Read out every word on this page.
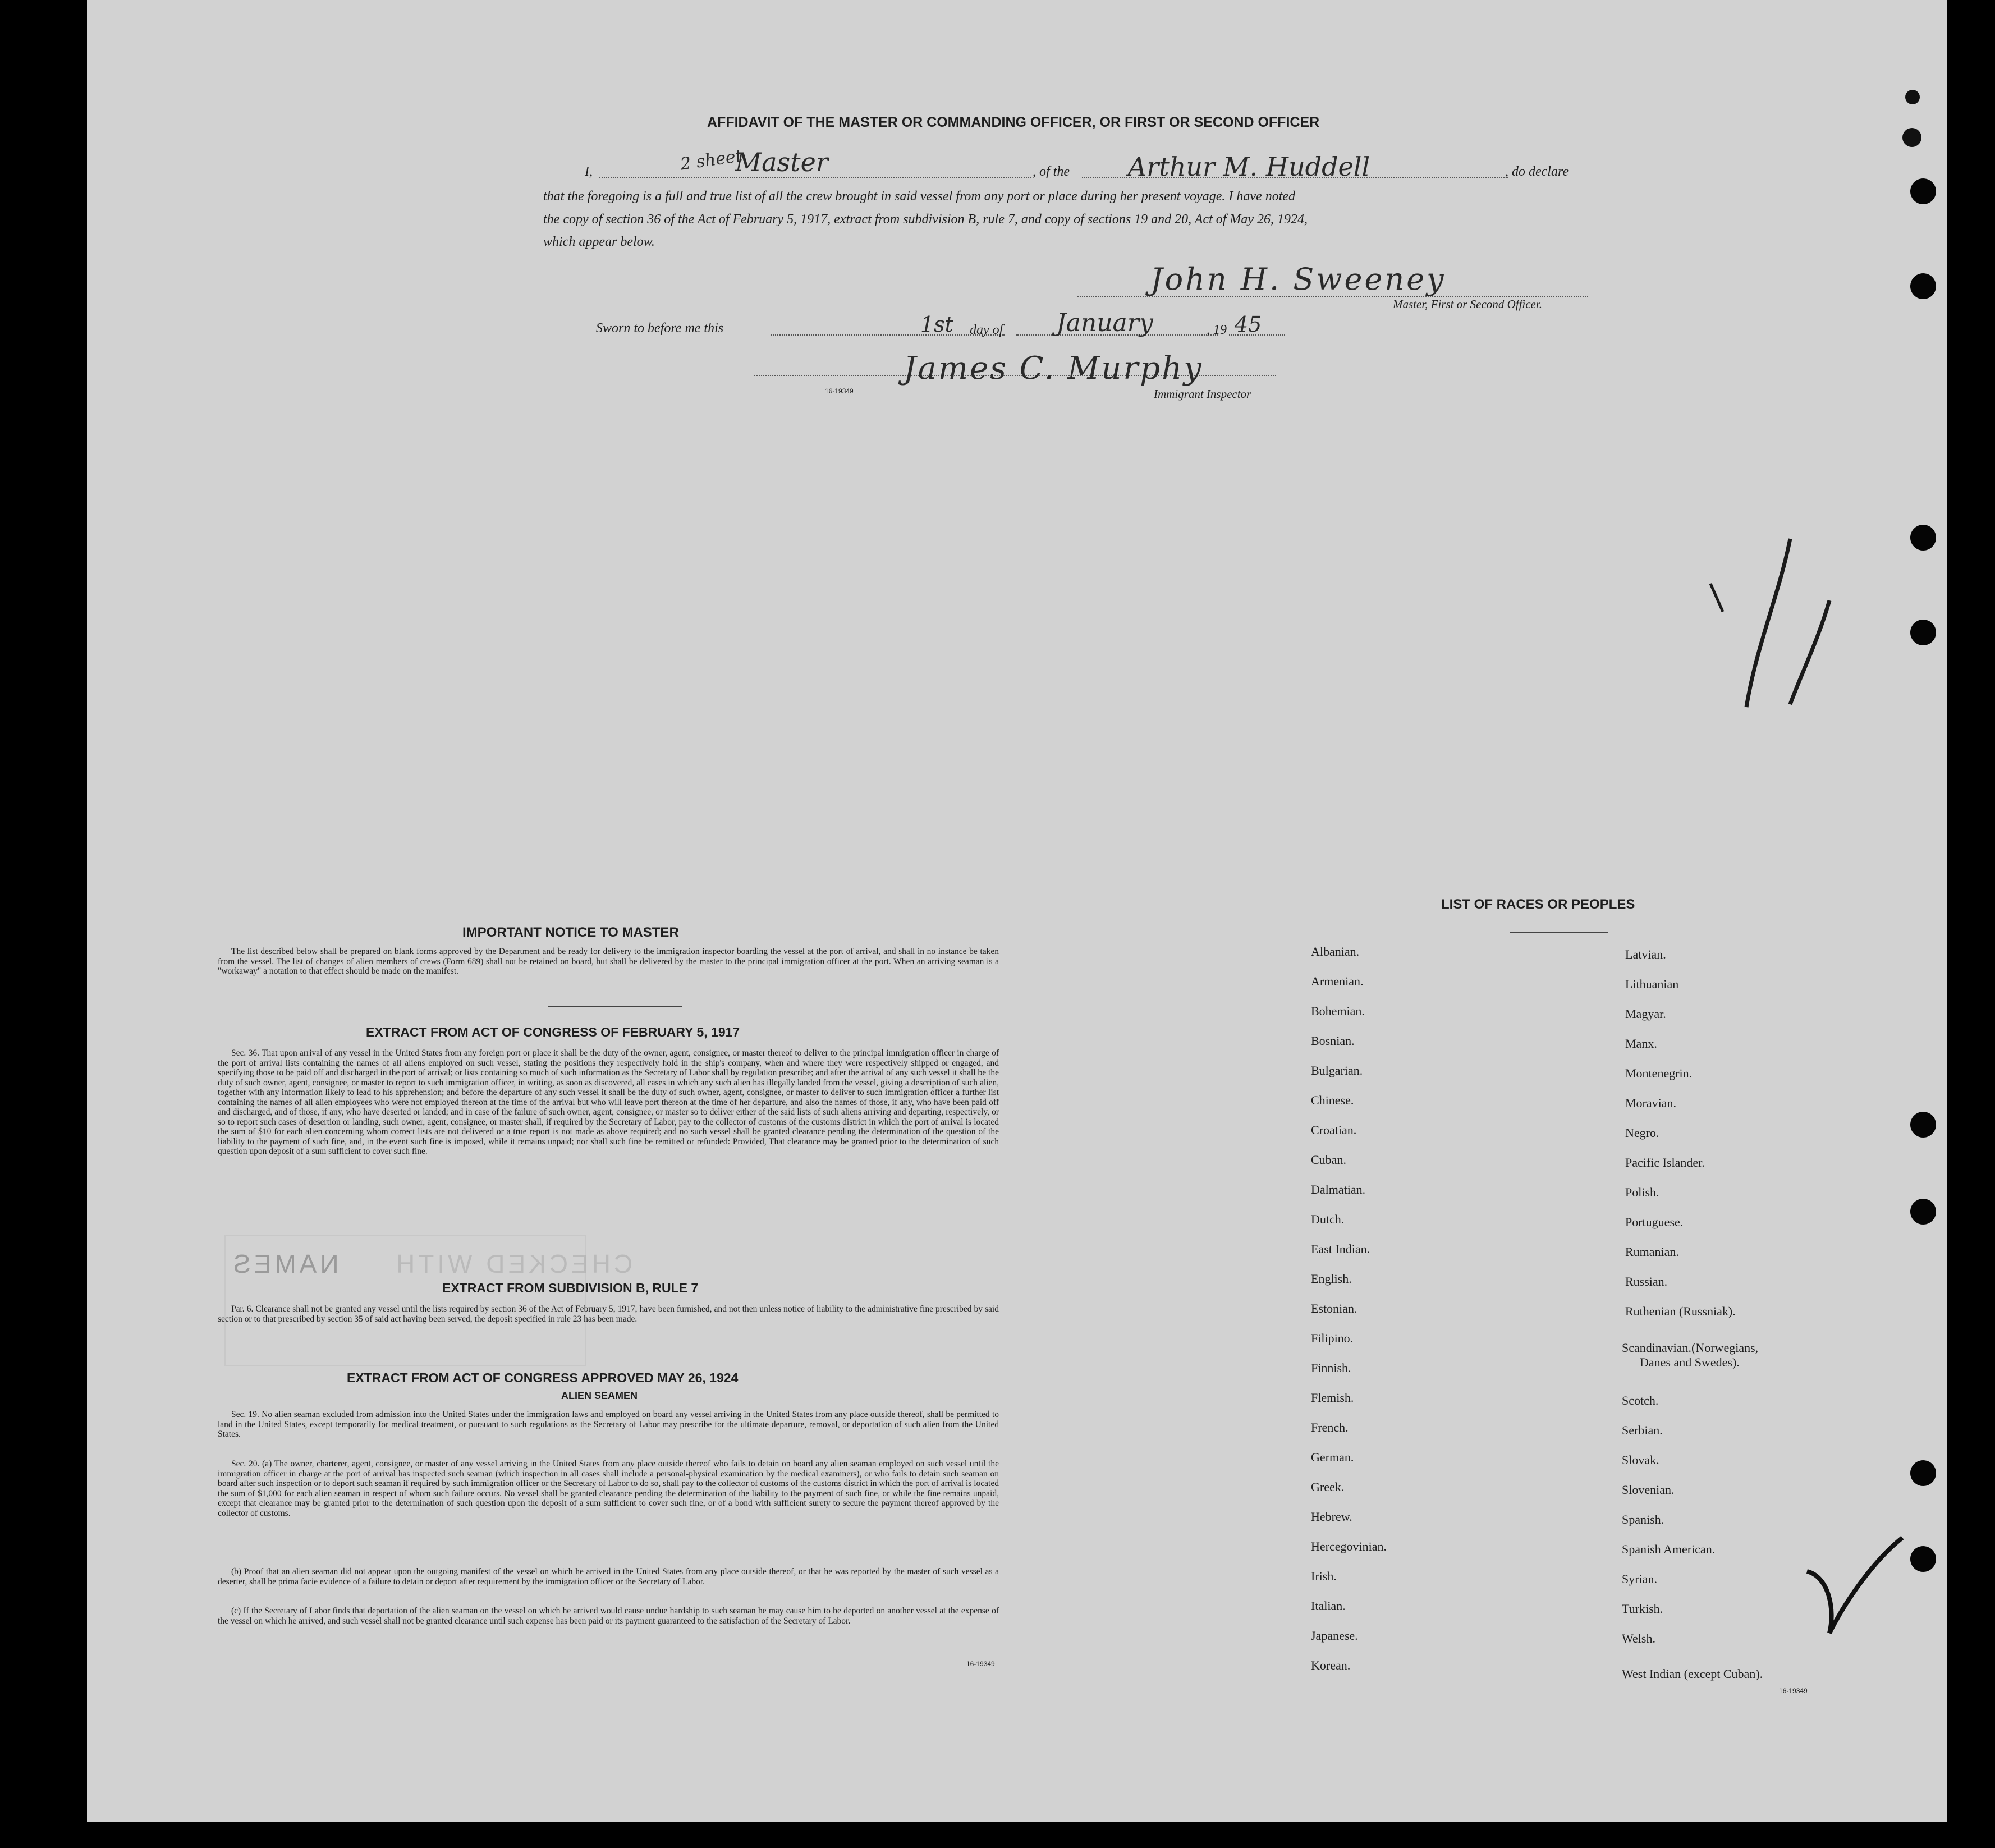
AFFIDAVIT OF THE MASTER OR COMMANDING OFFICER, OR FIRST OR SECOND OFFICER
I,	2 sheet
Master	, of the Arthur M. Huddell	, do declare
that the foregoing is a full and true list of all the crew brought in said vessel from any port or place during her present voyage. I have noted
the copy of section 36 of the Act of February 5, 1917, extract from subdivision B, rule 7, and copy of sections 19 and 20, Act of May 26, 1924,
which appear below.
John H. Sweeney
Master, First or Second Officer.
Sworn to before me this	1st day of January	, 19 45
James C. Murphy
16-19349	Immigrant Inspector
1/1
IMPORTANT NOTICE TO MASTER
The list described below shall be prepared on blank forms approved by the Department and be ready for delivery to the immigration inspector boarding the vessel at the port of arrival, and shall in no instance be taken from the vessel. The list of changes of alien members of crews (Form 689) shall not be retained on board, but shall be delivered by the master to the principal immigration officer at the port. When an arriving seaman is a "workaway" a notation to that effect should be made on the manifest.
EXTRACT FROM ACT OF CONGRESS OF FEBRUARY 5, 1917
Sec. 36. That upon arrival of any vessel in the United States from any foreign port or place it shall be the duty of the owner, agent, consignee, or master thereof to deliver to the principal immigration officer in charge of the port of arrival lists containing the names of all aliens employed on such vessel, stating the positions they respectively hold in the ship's company, when and where they were respectively shipped or engaged, and specifying those to be paid off and discharged in the port of arrival; or lists containing so much of such information as the Secretary of Labor shall by regulation prescribe; and after the arrival of any such vessel it shall be the duty of such owner, agent, consignee, or master to report to such immigration officer, in writing, as soon as discovered, all cases in which any such alien has illegally landed from the vessel, giving a description of such alien, together with any information likely to lead to his apprehension; and before the departure of any such vessel it shall be the duty of such owner, agent, consignee, or master to deliver to such immigration officer a further list containing the names of all alien employees who were not employed thereon at the time of the arrival but who will leave port thereon at the time of her departure, and also the names of those, if any, who have been paid off and discharged, and of those, if any, who have deserted or landed; and in case of the failure of such owner, agent, consignee, or master so to deliver either of the said lists of such aliens arriving and departing, respectively, or so to report such cases of desertion or landing, such owner, agent, consignee, or master shall, if required by the Secretary of Labor, pay to the collector of customs of the customs district in which the port of arrival is located the sum of $10 for each alien concerning whom correct lists are not delivered or a true report is not made as above required; and no such vessel shall be granted clearance pending the determination of the question of the liability to the payment of such fine, and, in the event such fine is imposed, while it remains unpaid; nor shall such fine be remitted or refunded: Provided, That clearance may be granted prior to the determination of such question upon deposit of a sum sufficient to cover such fine.
NAMES CHECKED WITH
EXTRACT FROM SUBDIVISION B, RULE 7
Par. 6. Clearance shall not be granted any vessel until the lists required by section 36 of the Act of February 5, 1917, have been furnished, and not then unless notice of liability to the administrative fine prescribed by said section or to that prescribed by section 35 of said act having been served, the deposit specified in rule 23 has been made.
EXTRACT FROM ACT OF CONGRESS APPROVED MAY 26, 1924
ALIEN SEAMEN
Sec. 19. No alien seaman excluded from admission into the United States under the immigration laws and employed on board any vessel arriving in the United States from any place outside thereof, shall be permitted to land in the United States, except temporarily for medical treatment, or pursuant to such regulations as the Secretary of Labor may prescribe for the ultimate departure, removal, or deportation of such alien from the United States.
Sec. 20. (a) The owner, charterer, agent, consignee, or master of any vessel arriving in the United States from any place outside thereof who fails to detain on board any alien seaman employed on such vessel until the immigration officer in charge at the port of arrival has inspected such seaman (which inspection in all cases shall include a personal-physical examination by the medical examiners), or who fails to detain such seaman on board after such inspection or to deport such seaman if required by such immigration officer or the Secretary of Labor to do so, shall pay to the collector of customs of the customs district in which the port of arrival is located the sum of $1,000 for each alien seaman in respect of whom such failure occurs. No vessel shall be granted clearance pending the determination of the liability to the payment of such fine, or while the fine remains unpaid, except that clearance may be granted prior to the determination of such question upon the deposit of a sum sufficient to cover such fine, or of a bond with sufficient surety to secure the payment thereof approved by the collector of customs.
(b) Proof that an alien seaman did not appear upon the outgoing manifest of the vessel on which he arrived in the United States from any place outside thereof, or that he was reported by the master of such vessel as a deserter, shall be prima facie evidence of a failure to detain or deport after requirement by the immigration officer or the Secretary of Labor.
(c) If the Secretary of Labor finds that deportation of the alien seaman on the vessel on which he arrived would cause undue hardship to such seaman he may cause him to be deported on another vessel at the expense of the vessel on which he arrived, and such vessel shall not be granted clearance until such expense has been paid or its payment guaranteed to the satisfaction of the Secretary of Labor.
16-19349
LIST OF RACES OR PEOPLES
Albanian.
Armenian.
Bohemian.
Bosnian.
Bulgarian.
Chinese.
Croatian.
Cuban.
Dalmatian.
Dutch.
East Indian.
English.
Estonian.
Filipino.
Finnish.
Flemish.
French.
German.
Greek.
Hebrew.
Hercegovinian.
Irish.
Italian.
Japanese.
Korean.
Latvian.
Lithuanian
Magyar.
Manx.
Montenegrin.
Moravian.
Negro.
Pacific Islander.
Polish.
Portuguese.
Rumanian.
Russian.
Ruthenian (Russniak).
Scandinavian.(Norwegians,
Danes and Swedes).
Scotch.
Serbian.
Slovak.
Slovenian.
Spanish.
Spanish American.
Syrian.
Turkish.
Welsh.
West Indian (except Cuban).
16-19349
